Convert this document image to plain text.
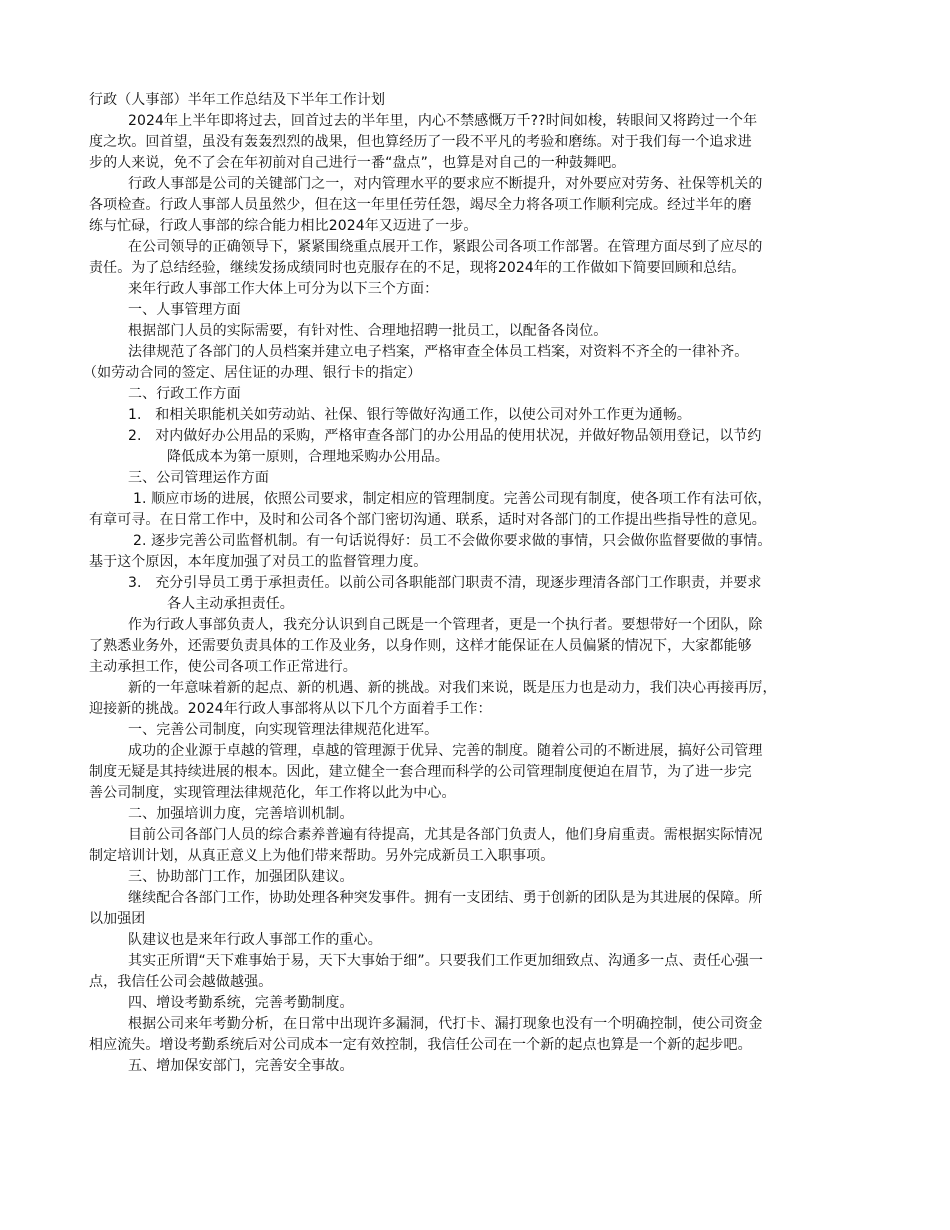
行政（人事部）半年工作总结及下半年工作计划
2024年上半年即将过去，回首过去的半年里，内心不禁感慨万千??时间如梭，转眼间又将跨过一个年
度之坎。回首望，虽没有轰轰烈烈的战果，但也算经历了一段不平凡的考验和磨练。对于我们每一个追求进
步的人来说，免不了会在年初前对自己进行一番“盘点”，也算是对自己的一种鼓舞吧。
行政人事部是公司的关键部门之一，对内管理水平的要求应不断提升，对外要应对劳务、社保等机关的
各项检查。行政人事部人员虽然少，但在这一年里任劳任怨，竭尽全力将各项工作顺利完成。经过半年的磨
练与忙碌，行政人事部的综合能力相比2024年又迈进了一步。
在公司领导的正确领导下，紧紧围绕重点展开工作，紧跟公司各项工作部署。在管理方面尽到了应尽的
责任。为了总结经验，继续发扬成绩同时也克服存在的不足，现将2024年的工作做如下简要回顾和总结。
来年行政人事部工作大体上可分为以下三个方面：
一、人事管理方面
根据部门人员的实际需要，有针对性、合理地招聘一批员工，以配备各岗位。
法律规范了各部门的人员档案并建立电子档案，严格审查全体员工档案，对资料不齐全的一律补齐。
（如劳动合同的签定、居住证的办理、银行卡的指定）
二、行政工作方面
1.   和相关职能机关如劳动站、社保、银行等做好沟通工作，以使公司对外工作更为通畅。
2.   对内做好办公用品的采购，严格审查各部门的办公用品的使用状况，并做好物品领用登记，以节约
降低成本为第一原则，合理地采购办公用品。
三、公司管理运作方面
1. 顺应市场的进展，依照公司要求，制定相应的管理制度。完善公司现有制度，使各项工作有法可依，
有章可寻。在日常工作中，及时和公司各个部门密切沟通、联系，适时对各部门的工作提出些指导性的意见。
2. 逐步完善公司监督机制。有一句话说得好：员工不会做你要求做的事情，只会做你监督要做的事情。
基于这个原因，本年度加强了对员工的监督管理力度。
3.   充分引导员工勇于承担责任。以前公司各职能部门职责不清，现逐步理清各部门工作职责，并要求
各人主动承担责任。
作为行政人事部负责人，我充分认识到自己既是一个管理者，更是一个执行者。要想带好一个团队，除
了熟悉业务外，还需要负责具体的工作及业务，以身作则，这样才能保证在人员偏紧的情况下，大家都能够
主动承担工作，使公司各项工作正常进行。
新的一年意味着新的起点、新的机遇、新的挑战。对我们来说，既是压力也是动力，我们决心再接再厉，
迎接新的挑战。2024年行政人事部将从以下几个方面着手工作：
一、完善公司制度，向实现管理法律规范化进军。
成功的企业源于卓越的管理，卓越的管理源于优异、完善的制度。随着公司的不断进展，搞好公司管理
制度无疑是其持续进展的根本。因此，建立健全一套合理而科学的公司管理制度便迫在眉节，为了进一步完
善公司制度，实现管理法律规范化，年工作将以此为中心。
二、加强培训力度，完善培训机制。
目前公司各部门人员的综合素养普遍有待提高，尤其是各部门负责人，他们身肩重责。需根据实际情况
制定培训计划，从真正意义上为他们带来帮助。另外完成新员工入职事项。
三、协助部门工作，加强团队建议。
继续配合各部门工作，协助处理各种突发事件。拥有一支团结、勇于创新的团队是为其进展的保障。所
以加强团
队建议也是来年行政人事部工作的重心。
其实正所谓“天下难事始于易，天下大事始于细”。只要我们工作更加细致点、沟通多一点、责任心强一
点，我信任公司会越做越强。
四、增设考勤系统，完善考勤制度。
根据公司来年考勤分析，在日常中出现许多漏洞，代打卡、漏打现象也没有一个明确控制，使公司资金
相应流失。增设考勤系统后对公司成本一定有效控制，我信任公司在一个新的起点也算是一个新的起步吧。
五、增加保安部门，完善安全事故。
